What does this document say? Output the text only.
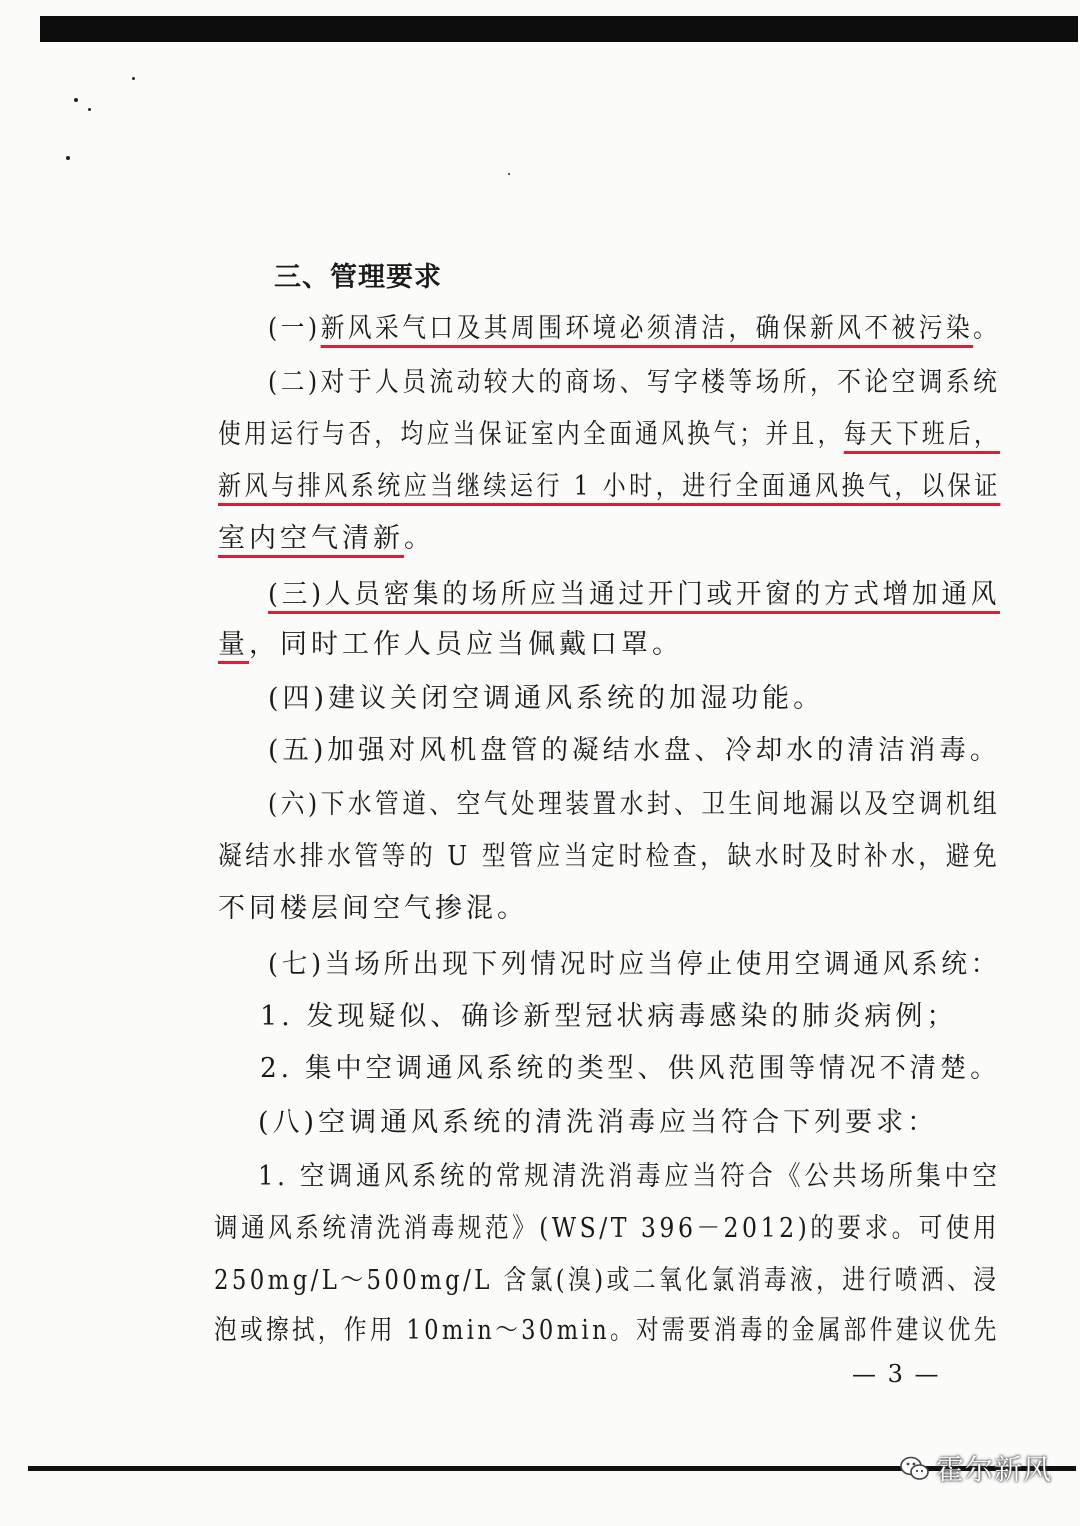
三、管理要求
(一)新风采气口及其周围环境必须清洁，确保新风不被污染。
(二)对于人员流动较大的商场、写字楼等场所，不论空调系统
使用运行与否，均应当保证室内全面通风换气；并且，每天下班后，
新风与排风系统应当继续运行 1 小时，进行全面通风换气，以保证
室内空气清新。
(三)人员密集的场所应当通过开门或开窗的方式增加通风
量，同时工作人员应当佩戴口罩。
(四)建议关闭空调通风系统的加湿功能。
(五)加强对风机盘管的凝结水盘、冷却水的清洁消毒。
(六)下水管道、空气处理装置水封、卫生间地漏以及空调机组
凝结水排水管等的 U 型管应当定时检查，缺水时及时补水，避免
不同楼层间空气掺混。
(七)当场所出现下列情况时应当停止使用空调通风系统：
1. 发现疑似、确诊新型冠状病毒感染的肺炎病例；
2. 集中空调通风系统的类型、供风范围等情况不清楚。
(八)空调通风系统的清洗消毒应当符合下列要求：
1. 空调通风系统的常规清洗消毒应当符合《公共场所集中空
调通风系统清洗消毒规范》(WS/T 396－2012)的要求。可使用
250mg/L～500mg/L 含氯(溴)或二氧化氯消毒液，进行喷洒、浸
泡或擦拭，作用 10min～30min。对需要消毒的金属部件建议优先
— 3 —
霍尔新风
